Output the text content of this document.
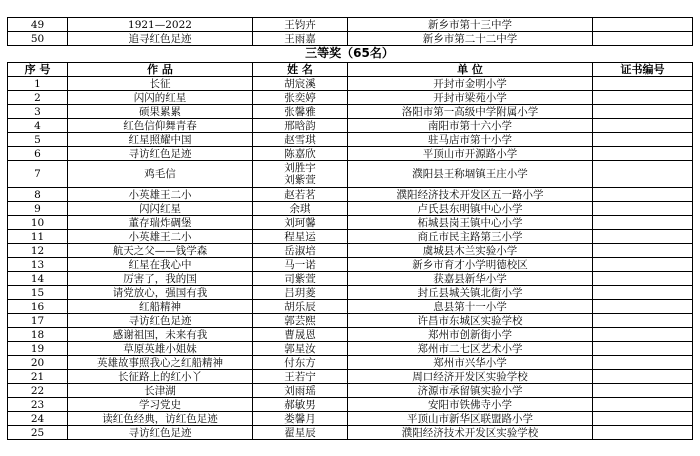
49	1921—2022	王钧卉	新乡市第十三中学	
50	追寻红色足迹	王雨嘉	新乡市第二十二中学	
三等奖（65名）
序 号	作 品	姓 名	单 位	证书编号
1	长征	胡宸溪	开封市金明小学	
2	闪闪的红星	张奕婷	开封市梁苑小学	
3	硕果累累	张馨雅	洛阳市第一高级中学附属小学	
4	红色信仰舞青春	邢晗韵	南阳市第十六小学	
5	红星照耀中国	赵雪琪	驻马店市第十小学	
6	寻访红色足迹	陈嘉欣	平顶山市开源路小学	
7	鸡毛信	刘胜宇
刘紫萱	濮阳县王称堌镇王庄小学	
8	小英雄王二小	赵若茗	濮阳经济技术开发区五一路小学	
9	闪闪红星	余琪	卢氏县东明镇中心小学	
10	董存瑞炸碉堡	刘珂馨	柘城县岗王镇中心小学	
11	小英雄王二小	程星运	商丘市民主路第三小学	
12	航天之父——钱学森	岳淑培	虞城县木兰实验小学	
13	红星在我心中	马一诺	新乡市育才小学明德校区	
14	厉害了，我的国	司紫萱	获嘉县新华小学	
15	请党放心，强国有我	吕玥菱	封丘县城关镇北街小学	
16	红船精神	胡乐辰	息县第十一小学	
17	寻访红色足迹	郭芸熙	许昌市东城区实验学校	
18	感谢祖国，未来有我	曹晟恩	郑州市创新街小学	
19	草原英雄小姐妹	郭星汝	郑州市二七区艺术小学	
20	英雄故事照我心之红船精神	付东方	郑州市兴华小学	
21	长征路上的红小丫	王若宁	周口经济开发区实验学校	
22	长津湖	刘雨瑶	济源市承留镇实验小学	
23	学习党史	郝敏男	安阳市铁佛寺小学	
24	读红色经典，访红色足迹	娄馨月	平顶山市新华区联盟路小学	
25	寻访红色足迹	翟星辰	濮阳经济技术开发区实验学校	
